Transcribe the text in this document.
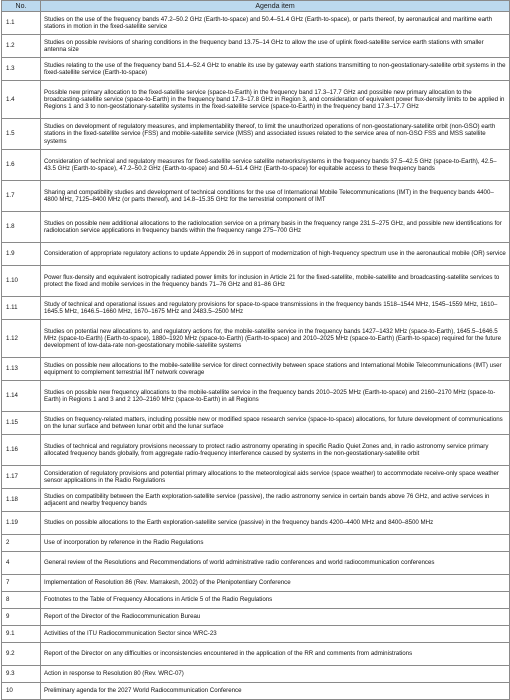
No.	Agenda item
1.1	Studies on the use of the frequency bands 47.2–50.2 GHz (Earth-to-space) and 50.4–51.4 GHz (Earth-to-space), or parts thereof, by aeronautical and maritime earth stations in motion in the fixed-satellite service
1.2	Studies on possible revisions of sharing conditions in the frequency band 13.75–14 GHz to allow the use of uplink fixed-satellite service earth stations with smaller antenna size
1.3	Studies relating to the use of the frequency band 51.4–52.4 GHz to enable its use by gateway earth stations transmitting to non-geostationary-satellite orbit systems in the fixed-satellite service (Earth-to-space)
1.4	Possible new primary allocation to the fixed-satellite service (space-to-Earth) in the frequency band 17.3–17.7 GHz and possible new primary allocation to the broadcasting-satellite service (space-to-Earth) in the frequency band 17.3–17.8 GHz in Region 3, and consideration of equivalent power flux-density limits to be applied in Regions 1 and 3 to non-geostationary-satellite systems in the fixed-satellite service (space-to-Earth) in the frequency band 17.3–17.7 GHz
1.5	Studies on development of regulatory measures, and implementability thereof, to limit the unauthorized operations of non-geostationary-satellite orbit (non-GSO) earth stations in the fixed-satellite service (FSS) and mobile-satellite service (MSS) and associated issues related to the service area of non-GSO FSS and MSS satellite systems
1.6	Consideration of technical and regulatory measures for fixed-satellite service satellite networks/systems in the frequency bands 37.5–42.5 GHz (space-to-Earth), 42.5–43.5 GHz (Earth-to-space), 47.2–50.2 GHz (Earth-to-space) and 50.4–51.4 GHz (Earth-to-space) for equitable access to these frequency bands
1.7	Sharing and compatibility studies and development of technical conditions for the use of International Mobile Telecommunications (IMT) in the frequency bands 4400–4800 MHz, 7125–8400 MHz (or parts thereof), and 14.8–15.35 GHz for the terrestrial component of IMT
1.8	Studies on possible new additional allocations to the radiolocation service on a primary basis in the frequency range 231.5–275 GHz, and possible new identifications for radiolocation service applications in frequency bands within the frequency range 275–700 GHz
1.9	Consideration of appropriate regulatory actions to update Appendix 26 in support of modernization of high-frequency spectrum use in the aeronautical mobile (OR) service
1.10	Power flux-density and equivalent isotropically radiated power limits for inclusion in Article 21 for the fixed-satellite, mobile-satellite and broadcasting-satellite services to protect the fixed and mobile services in the frequency bands 71–76 GHz and 81–86 GHz
1.11	Study of technical and operational issues and regulatory provisions for space-to-space transmissions in the frequency bands 1518–1544 MHz, 1545–1559 MHz, 1610–1645.5 MHz, 1646.5–1660 MHz, 1670–1675 MHz and 2483.5–2500 MHz
1.12	Studies on potential new allocations to, and regulatory actions for, the mobile-satellite service in the frequency bands 1427–1432 MHz (space-to-Earth), 1645.5–1646.5 MHz (space-to-Earth) (Earth-to-space), 1880–1920 MHz (space-to-Earth) (Earth-to-space) and 2010–2025 MHz (space-to-Earth) (Earth-to-space) required for the future development of low-data-rate non-geostationary mobile-satellite systems
1.13	Studies on possible new allocations to the mobile-satellite service for direct connectivity between space stations and International Mobile Telecommunications (IMT) user equipment to complement terrestrial IMT network coverage
1.14	Studies on possible new frequency allocations to the mobile-satellite service in the frequency bands 2010–2025 MHz (Earth-to-space) and 2160–2170 MHz (space-to-Earth) in Regions 1 and 3 and 2 120–2160 MHz (space-to-Earth) in all Regions
1.15	Studies on frequency-related matters, including possible new or modified space research service (space-to-space) allocations, for future development of communications on the lunar surface and between lunar orbit and the lunar surface
1.16	Studies of technical and regulatory provisions necessary to protect radio astronomy operating in specific Radio Quiet Zones and, in radio astronomy service primary allocated frequency bands globally, from aggregate radio-frequency interference caused by systems in the non-geostationary-satellite orbit
1.17	Consideration of regulatory provisions and potential primary allocations to the meteorological aids service (space weather) to accommodate receive-only space weather sensor applications in the Radio Regulations
1.18	Studies on compatibility between the Earth exploration-satellite service (passive), the radio astronomy service in certain bands above 76 GHz, and active services in adjacent and nearby frequency bands
1.19	Studies on possible allocations to the Earth exploration-satellite service (passive) in the frequency bands 4200–4400 MHz and 8400–8500 MHz
2	Use of incorporation by reference in the Radio Regulations
4	General review of the Resolutions and Recommendations of world administrative radio conferences and world radiocommunication conferences
7	Implementation of Resolution 86 (Rev. Marrakesh, 2002) of the Plenipotentiary Conference
8	Footnotes to the Table of Frequency Allocations in Article 5 of the Radio Regulations
9	Report of the Director of the Radiocommunication Bureau
9.1	Activities of the ITU Radiocommunication Sector since WRC-23
9.2	Report of the Director on any difficulties or inconsistencies encountered in the application of the RR and comments from administrations
9.3	Action in response to Resolution 80 (Rev. WRC-07)
10	Preliminary agenda for the 2027 World Radiocommunication Conference
